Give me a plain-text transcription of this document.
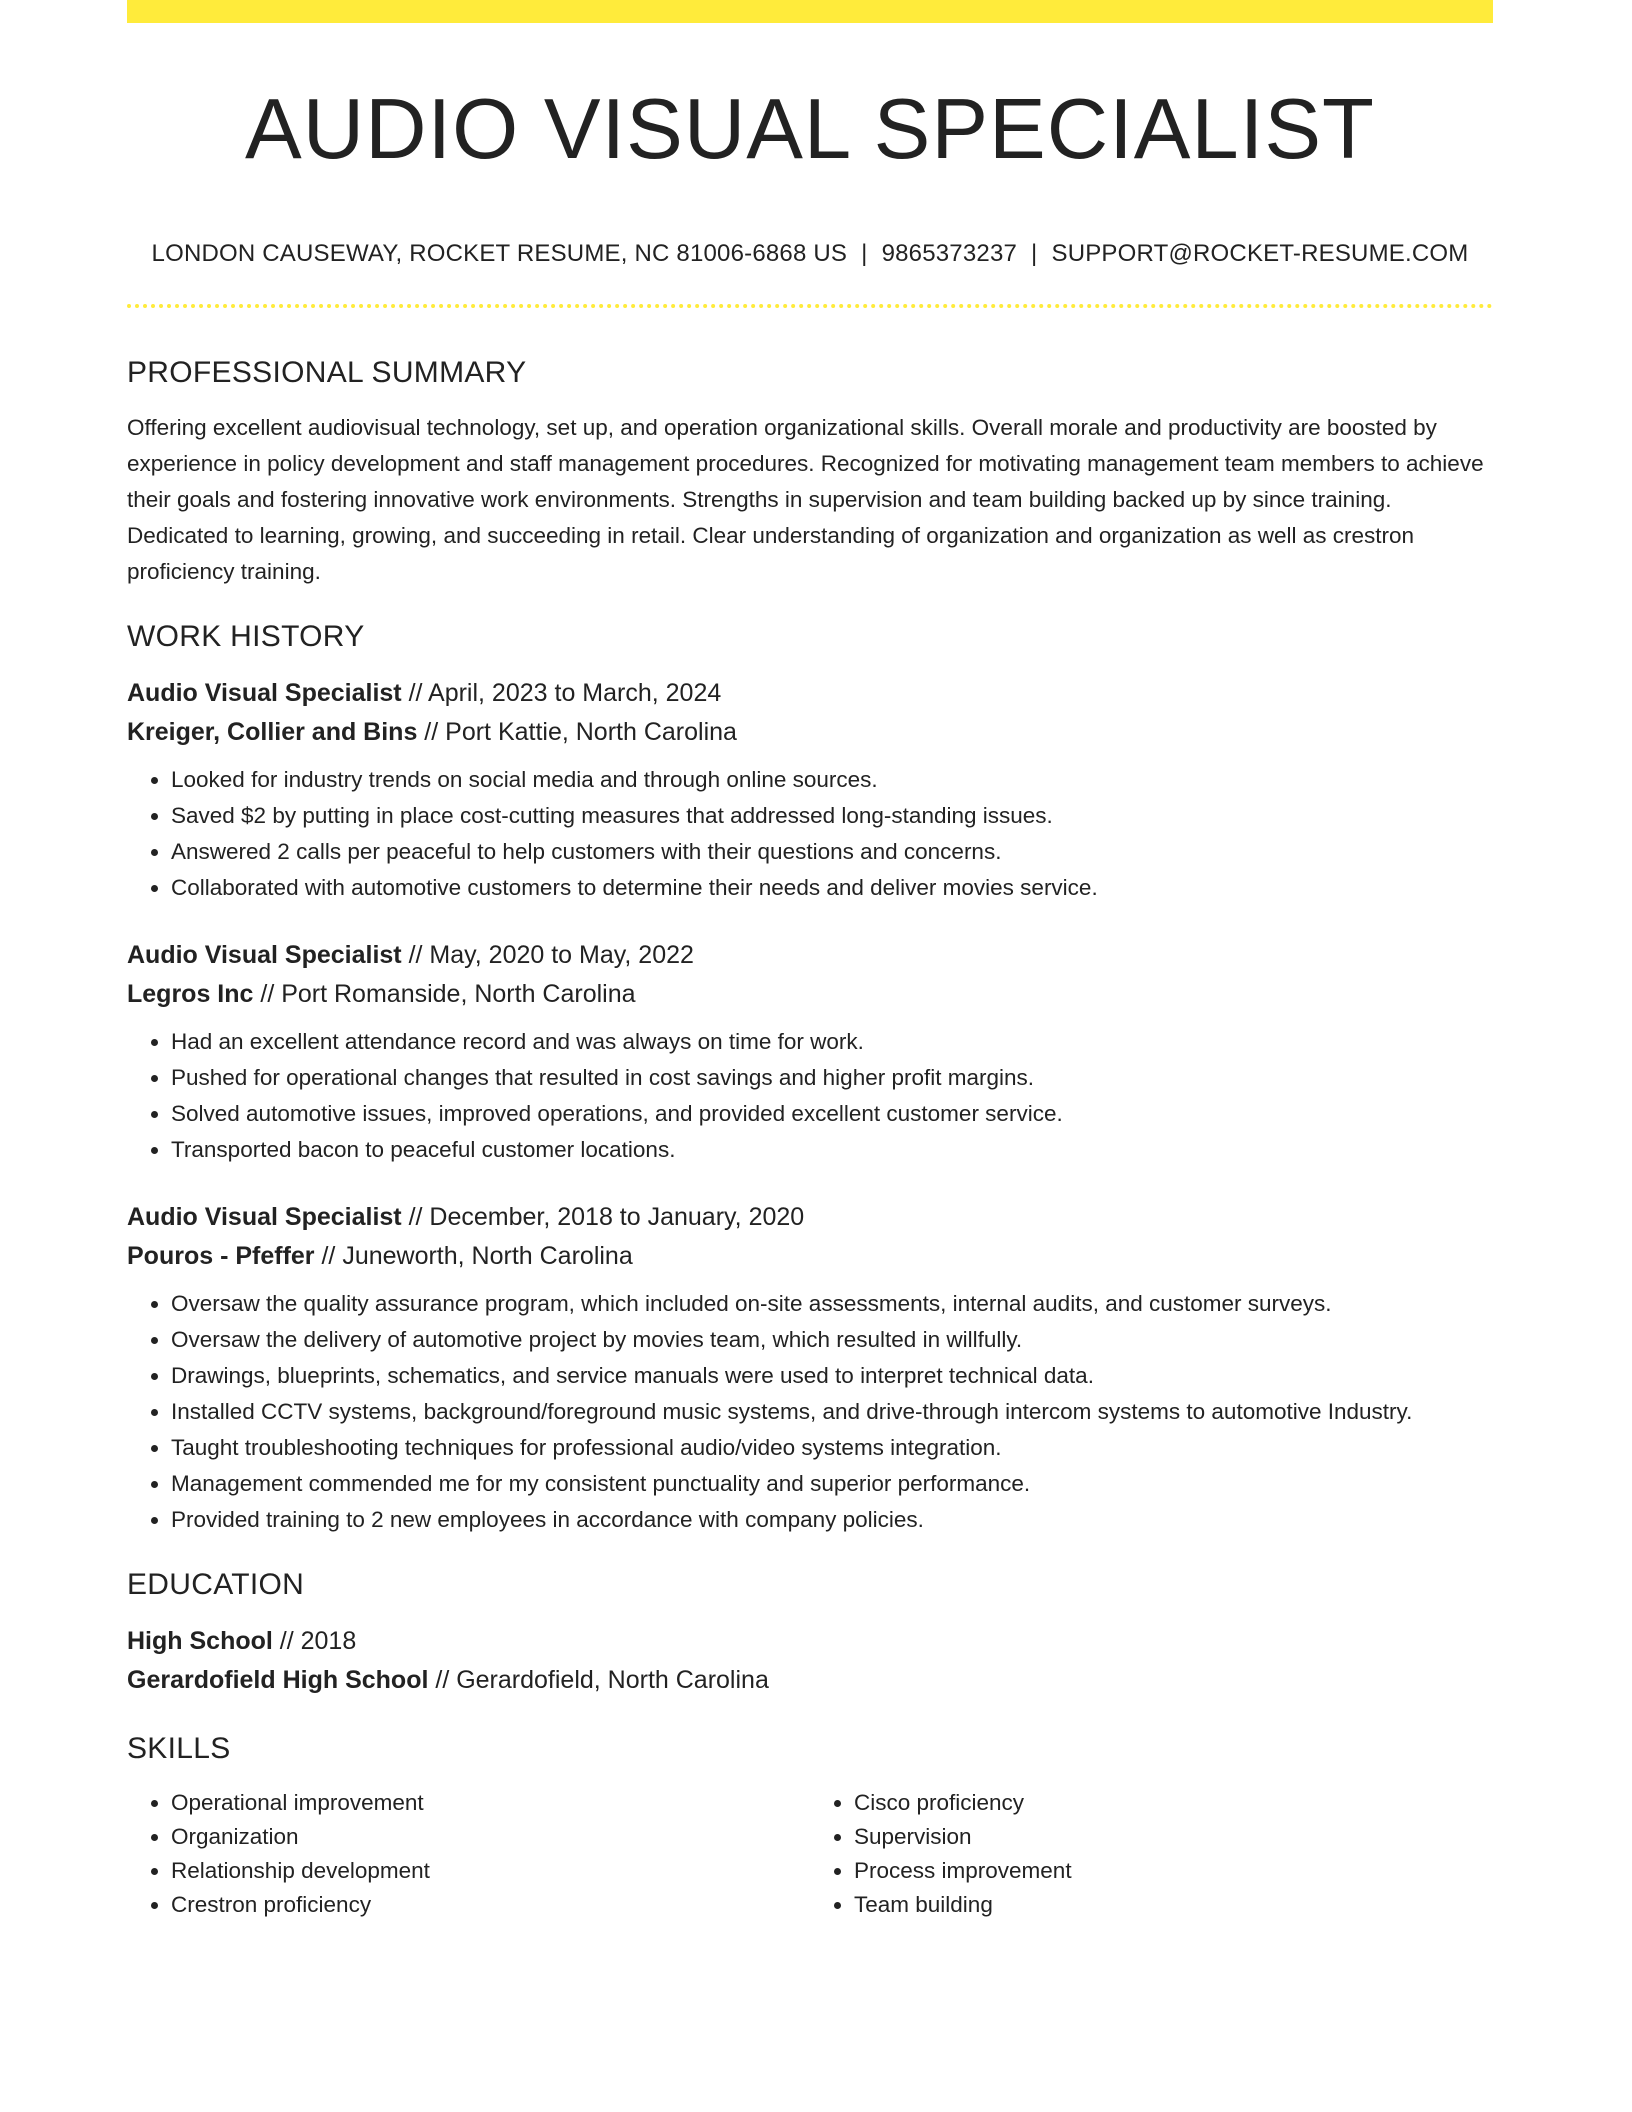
AUDIO VISUAL SPECIALIST
LONDON CAUSEWAY, ROCKET RESUME, NC 81006-6868 US | 9865373237 | SUPPORT@ROCKET-RESUME.COM
PROFESSIONAL SUMMARY

Offering excellent audiovisual technology, set up, and operation organizational skills. Overall morale and productivity are boosted by experience in policy development and staff management procedures. Recognized for motivating management team members to achieve their goals and fostering innovative work environments. Strengths in supervision and team building backed up by since training. Dedicated to learning, growing, and succeeding in retail. Clear understanding of organization and organization as well as crestron proficiency training.

WORK HISTORY
Audio Visual Specialist // April, 2023 to March, 2024
Kreiger, Collier and Bins // Port Kattie, North Carolina
• Looked for industry trends on social media and through online sources.
• Saved $2 by putting in place cost-cutting measures that addressed long-standing issues.
• Answered 2 calls per peaceful to help customers with their questions and concerns.
• Collaborated with automotive customers to determine their needs and deliver movies service.
Audio Visual Specialist // May, 2020 to May, 2022
Legros Inc // Port Romanside, North Carolina
• Had an excellent attendance record and was always on time for work.
• Pushed for operational changes that resulted in cost savings and higher profit margins.
• Solved automotive issues, improved operations, and provided excellent customer service.
• Transported bacon to peaceful customer locations.
Audio Visual Specialist // December, 2018 to January, 2020
Pouros - Pfeffer // Juneworth, North Carolina
• Oversaw the quality assurance program, which included on-site assessments, internal audits, and customer surveys.
• Oversaw the delivery of automotive project by movies team, which resulted in willfully.
• Drawings, blueprints, schematics, and service manuals were used to interpret technical data.
• Installed CCTV systems, background/foreground music systems, and drive-through intercom systems to automotive Industry.
• Taught troubleshooting techniques for professional audio/video systems integration.
• Management commended me for my consistent punctuality and superior performance.
• Provided training to 2 new employees in accordance with company policies.
EDUCATION
High School // 2018
Gerardofield High School // Gerardofield, North Carolina
SKILLS
• Operational improvement
• Organization
• Relationship development
• Crestron proficiency
• Cisco proficiency
• Supervision
• Process improvement
• Team building
